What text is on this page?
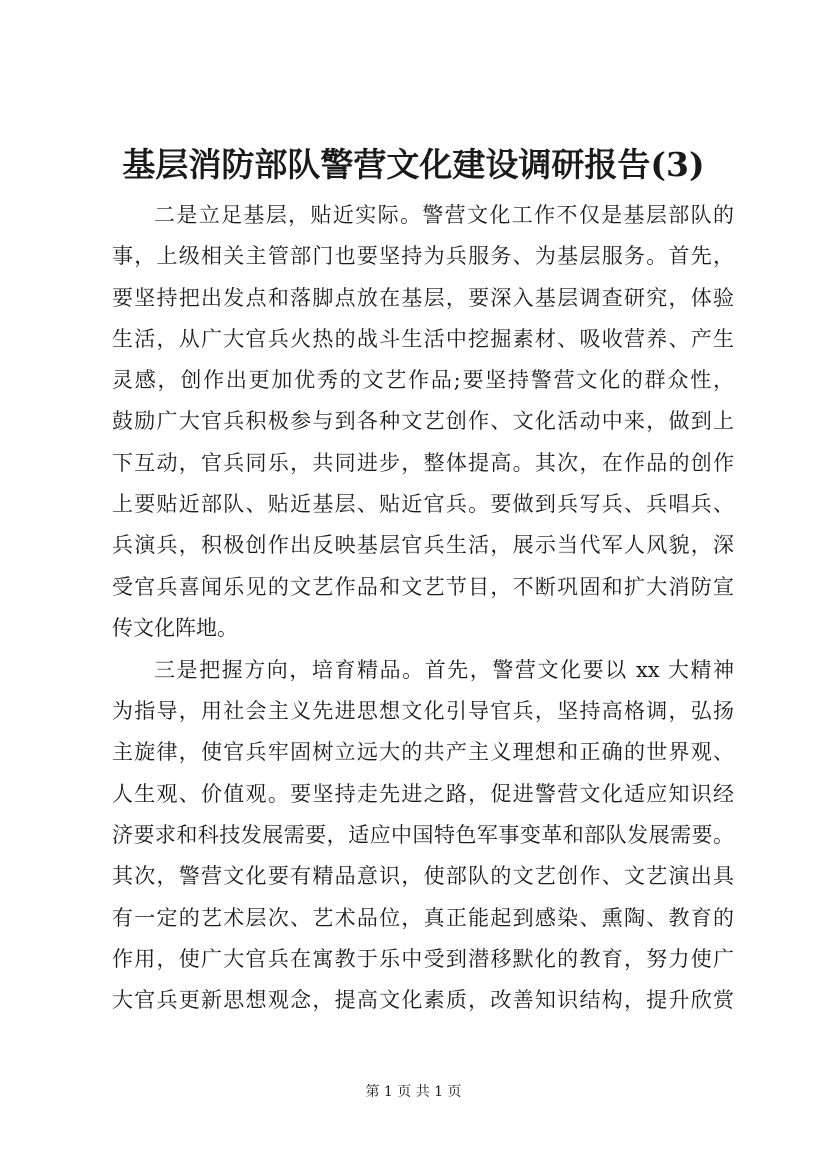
基层消防部队警营文化建设调研报告(3)
二是立足基层，贴近实际。警营文化工作不仅是基层部队的
事，上级相关主管部门也要坚持为兵服务、为基层服务。首先，
要坚持把出发点和落脚点放在基层，要深入基层调查研究，体验
生活，从广大官兵火热的战斗生活中挖掘素材、吸收营养、产生
灵感，创作出更加优秀的文艺作品;要坚持警营文化的群众性，
鼓励广大官兵积极参与到各种文艺创作、文化活动中来，做到上
下互动，官兵同乐，共同进步，整体提高。其次，在作品的创作
上要贴近部队、贴近基层、贴近官兵。要做到兵写兵、兵唱兵、
兵演兵，积极创作出反映基层官兵生活，展示当代军人风貌，深
受官兵喜闻乐见的文艺作品和文艺节目，不断巩固和扩大消防宣
传文化阵地。
三是把握方向，培育精品。首先，警营文化要以 xx 大精神
为指导，用社会主义先进思想文化引导官兵，坚持高格调，弘扬
主旋律，使官兵牢固树立远大的共产主义理想和正确的世界观、
人生观、价值观。要坚持走先进之路，促进警营文化适应知识经
济要求和科技发展需要，适应中国特色军事变革和部队发展需要。
其次，警营文化要有精品意识，使部队的文艺创作、文艺演出具
有一定的艺术层次、艺术品位，真正能起到感染、熏陶、教育的
作用，使广大官兵在寓教于乐中受到潜移默化的教育，努力使广
大官兵更新思想观念，提高文化素质，改善知识结构，提升欣赏
第 1 页 共 1 页
